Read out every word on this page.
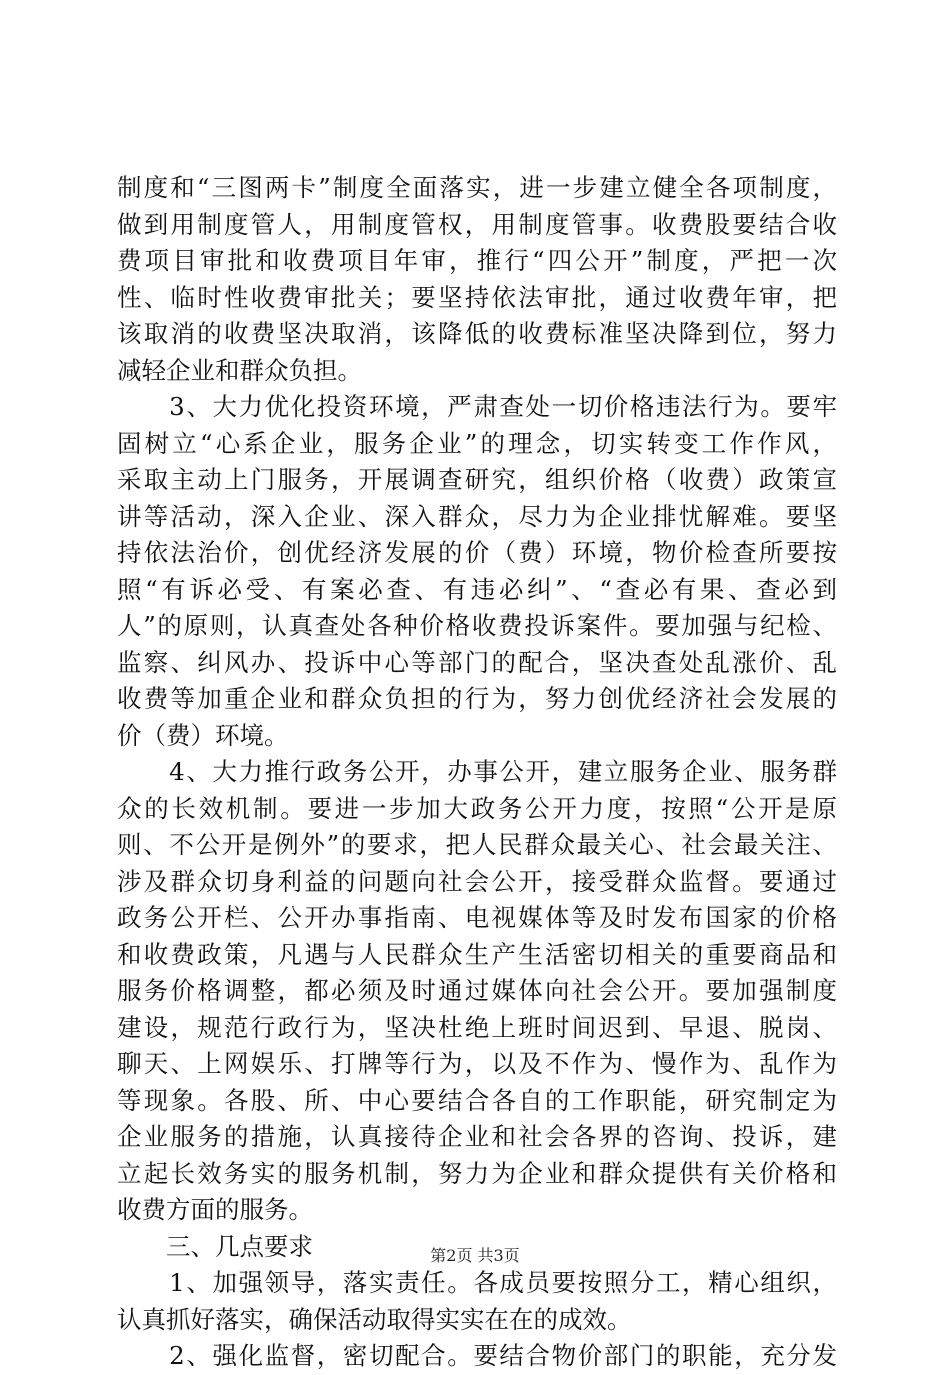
制度和“三图两卡”制度全面落实，进一步建立健全各项制度，
做到用制度管人，用制度管权，用制度管事。收费股要结合收
费项目审批和收费项目年审，推行“四公开”制度，严把一次
性、临时性收费审批关；要坚持依法审批，通过收费年审，把
该取消的收费坚决取消，该降低的收费标准坚决降到位，努力
减轻企业和群众负担。
　　3、大力优化投资环境，严肃查处一切价格违法行为。要牢
固树立“心系企业，服务企业”的理念，切实转变工作作风，
采取主动上门服务，开展调查研究，组织价格（收费）政策宣
讲等活动，深入企业、深入群众，尽力为企业排忧解难。要坚
持依法治价，创优经济发展的价（费）环境，物价检查所要按
照“有诉必受、有案必查、有违必纠”、“查必有果、查必到
人”的原则，认真查处各种价格收费投诉案件。要加强与纪检、
监察、纠风办、投诉中心等部门的配合，坚决查处乱涨价、乱
收费等加重企业和群众负担的行为，努力创优经济社会发展的
价（费）环境。
　　4、大力推行政务公开，办事公开，建立服务企业、服务群
众的长效机制。要进一步加大政务公开力度，按照“公开是原
则、不公开是例外”的要求，把人民群众最关心、社会最关注、
涉及群众切身利益的问题向社会公开，接受群众监督。要通过
政务公开栏、公开办事指南、电视媒体等及时发布国家的价格
和收费政策，凡遇与人民群众生产生活密切相关的重要商品和
服务价格调整，都必须及时通过媒体向社会公开。要加强制度
建设，规范行政行为，坚决杜绝上班时间迟到、早退、脱岗、
聊天、上网娱乐、打牌等行为，以及不作为、慢作为、乱作为
等现象。各股、所、中心要结合各自的工作职能，研究制定为
企业服务的措施，认真接待企业和社会各界的咨询、投诉，建
立起长效务实的服务机制，努力为企业和群众提供有关价格和
收费方面的服务。
　　三、几点要求
　　1、加强领导，落实责任。各成员要按照分工，精心组织，
认真抓好落实，确保活动取得实实在在的成效。
　　2、强化监督，密切配合。要结合物价部门的职能，充分发
第2页 共3页
